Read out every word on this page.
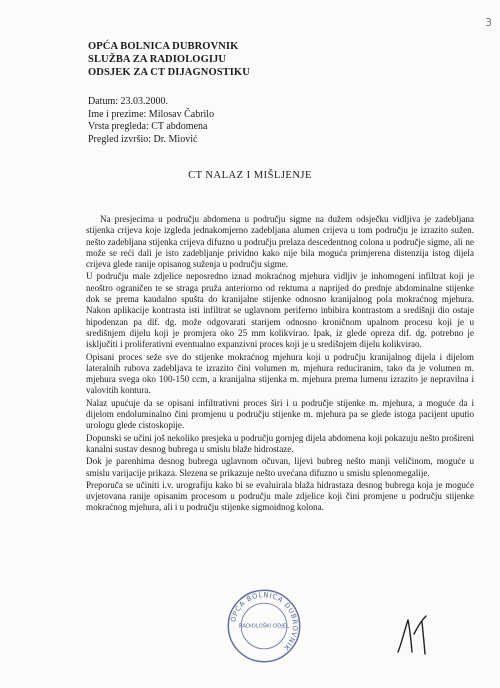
3
OPĆA BOLNICA DUBROVNIK
SLUŽBA ZA RADIOLOGIJU
ODSJEK ZA CT DIJAGNOSTIKU
Datum: 23.03.2000.
Ime i prezime: Milosav Čabrilo
Vrsta pregleda: CT abdomena
Pregled izvršio: Dr. Miović
CT NALAZ I MIŠLJENJE

Na presjecima u području abdomena u području sigme na dužem odsječku vidljiva je zadebljana stijenka crijeva koje izgleda jednakomjerno zadebljana alumen crijeva u tom području je izrazito sužen. nešto zadebljana stijenka crijeva difuzno u području prelaza descedentnog colona u područje sigme, ali ne može se reći dali je isto zadebljanje prividno kako nije bila moguća primjerena distenzija istog dijela crijeva glede ranije opisanog suženja u području sigme.

U području male zdjelice neposredno iznad mokraćnog mjehura vidljiv je inhomogeni infiltrat koji je neoštro ograničen te se straga pruža anteriorno od rektuma a naprijed do prednje abdominalne stijenke dok se prema kaudalno spušta do kranijalne stijenke odnosno kranijalnog pola mokraćnog mjehura. Nakon aplikacije kontrasta isti infiltrat se uglavnom periferno inbibira kontrastom a središnji dio ostaje hipodenzan pa dif. dg. može odgovarati starijem odnosno kroničnom upalnom procesu koji je u središnjem dijelu koji je promjera oko 25 mm kolikvirao. Ipak, iz glede opreza dif. dg. potrebno je isključiti i proliferativni eventualno expanzivni proces koji je u središnjem dijelu kolikvirao.

Opisani proces seže sve do stijenke mokraćnog mjehura koji u području kranijalnog dijela i dijelom lateralnih rubova zadebljava te izrazito čini volumen m. mjehura reduciranim, tako da je volumen m. mjehura svega oko 100-150 ccm, a kranijalna stijenka m. mjehura prema lumenu izrazito je nepravilna i valovitih kontura.

Nalaz upućuje da se opisani infiltrativni proces širi i u područje stijenke m. mjehura, a moguće da i dijelom endoluminalno čini promjenu u području stijenke m. mjehura pa se glede istoga pacijent uputio urologu glede cistoskopije.

Dopunski se učini još nekoliko presjeka u području gornjeg dijela abdomena koji pokazuju nešto prošireni kanalni sustav desnog bubrega u smislu blaže hidrostaze.

Dok je parenhima desnog bubrega uglavnom očuvan, lijevi bubreg nešto manji veličinom, moguće u smislu varijacije prikaza. Slezena se prikazuje nešto uvećana difuzno u smislu splenomegalije.

Preporuča se učiniti i.v. urografiju kako bi se evaluirala blaža hidrastaza desnog bubrega koja je moguće uvjetovana ranije opisanim procesom u području male zdjelice koji čini promjene u području stijenke mokraćnog mjehura, ali i u području stijenke sigmoidnog kolona.

OPĆA BOLNICA DUBROVNIK
RADIOLOŠKI ODJEL
